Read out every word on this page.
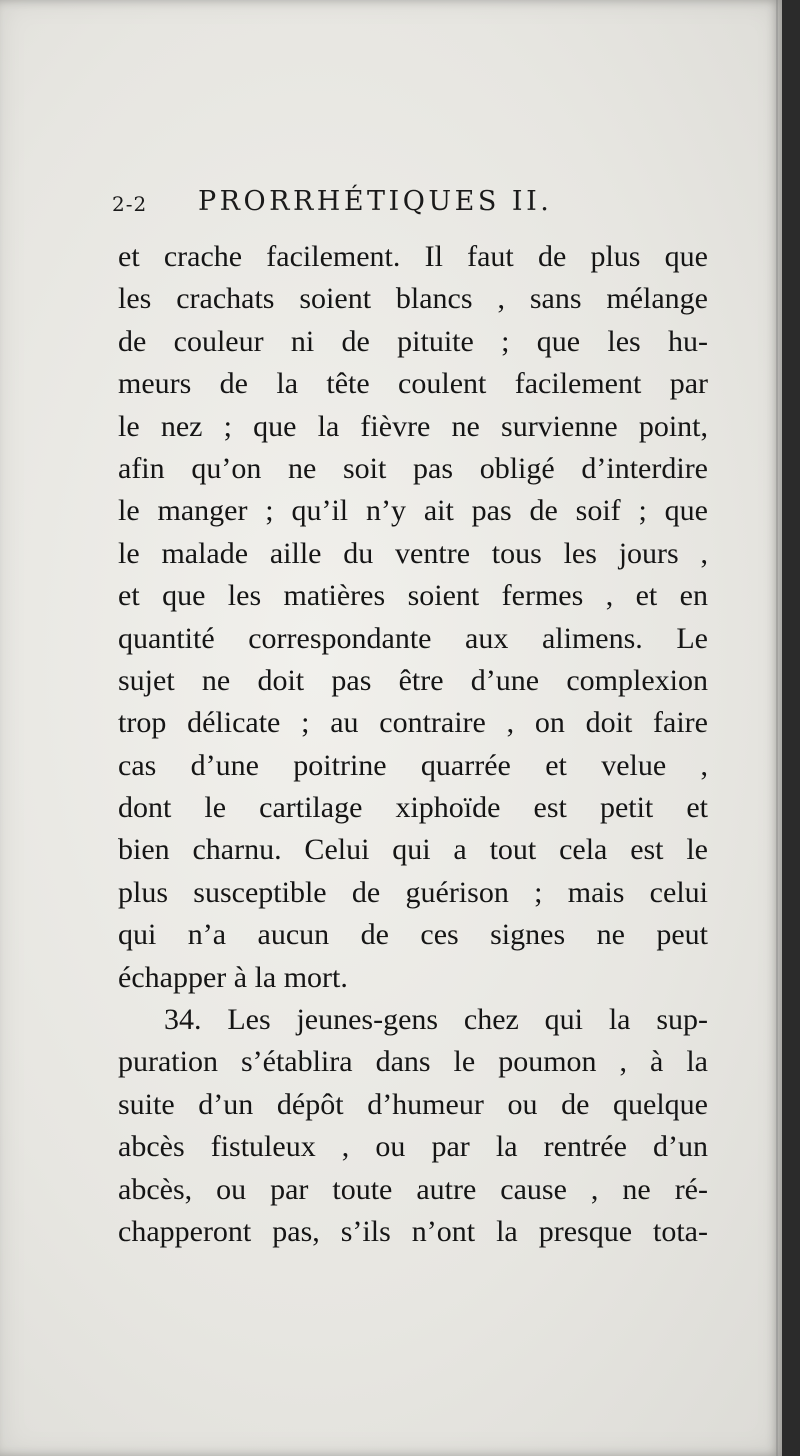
2-2 PRORRHÉTIQUES II.
et crache facilement. Il faut de plus que
les crachats soient blancs , sans mélange
de couleur ni de pituite ; que les hu-
meurs de la tête coulent facilement par
le nez ; que la fièvre ne survienne point,
afin qu’on ne soit pas obligé d’interdire
le manger ; qu’il n’y ait pas de soif ; que
le malade aille du ventre tous les jours ,
et que les matières soient fermes , et en
quantité correspondante aux alimens. Le
sujet ne doit pas être d’une complexion
trop délicate ; au contraire , on doit faire
cas d’une poitrine quarrée et velue ,
dont le cartilage xiphoïde est petit et
bien charnu. Celui qui a tout cela est le
plus susceptible de guérison ; mais celui
qui n’a aucun de ces signes ne peut
échapper à la mort.
34. Les jeunes-gens chez qui la sup-
puration s’établira dans le poumon , à la
suite d’un dépôt d’humeur ou de quelque
abcès fistuleux , ou par la rentrée d’un
abcès, ou par toute autre cause , ne ré-
chapperont pas, s’ils n’ont la presque tota-
